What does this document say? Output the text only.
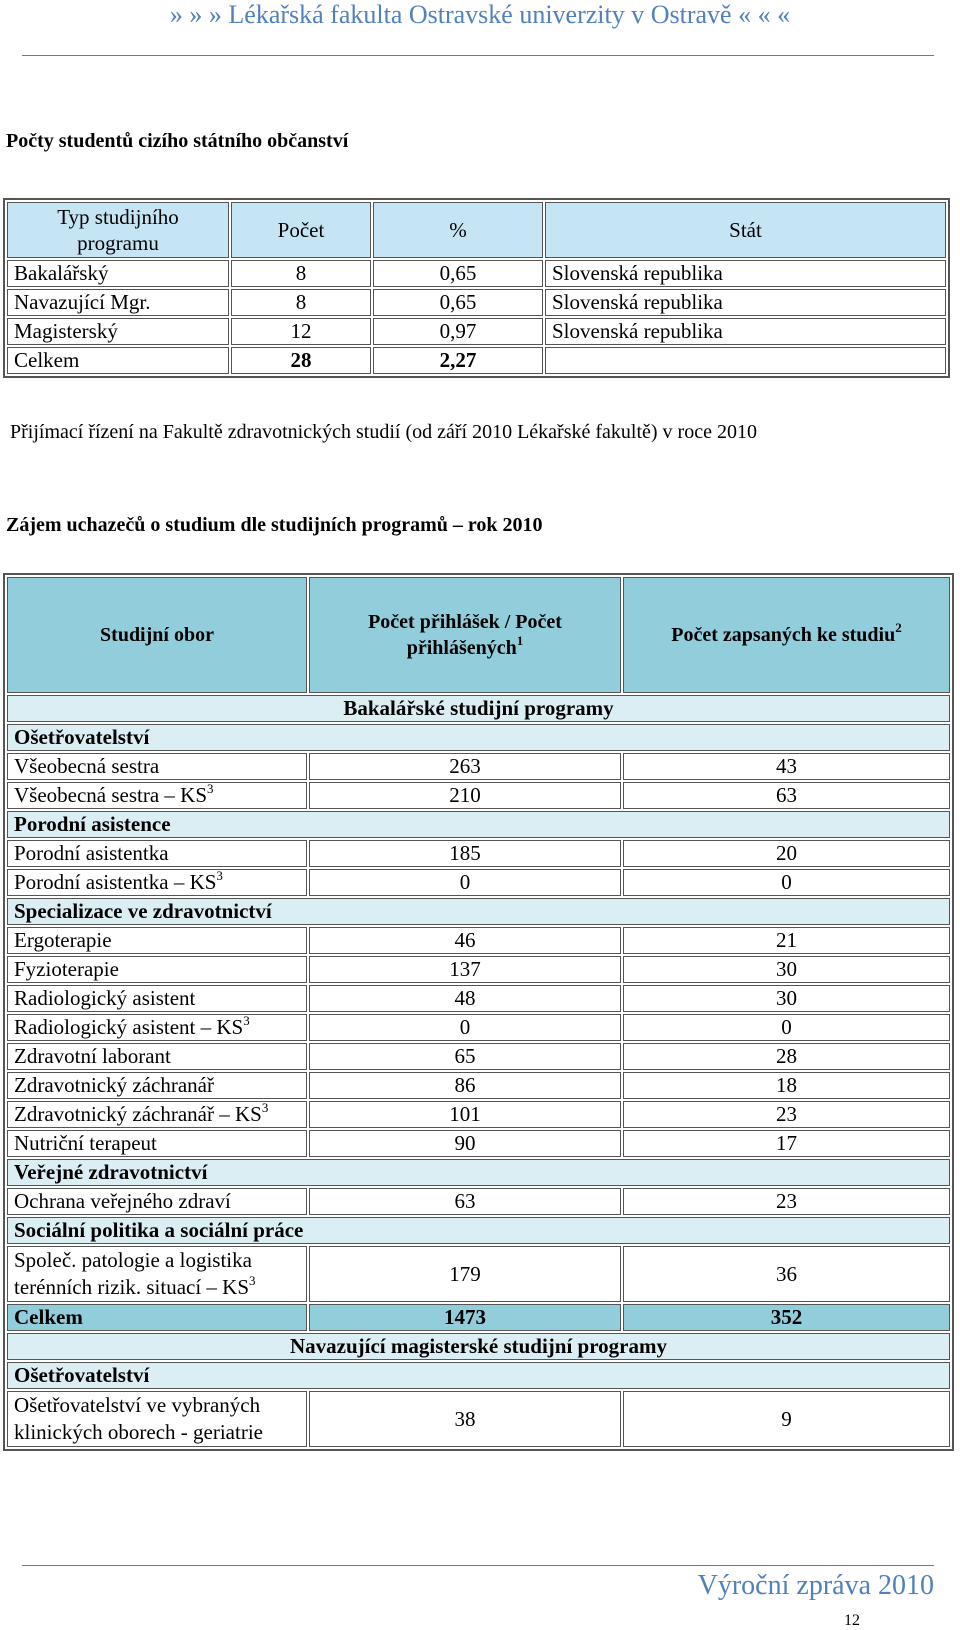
» » » Lékařská fakulta Ostravské univerzity v Ostravě « « «
Počty studentů cizího státního občanství
Typ studijního programu	Počet	%	Stát
Bakalářský	8	0,65	Slovenská republika
Navazující Mgr.	8	0,65	Slovenská republika
Magisterský	12	0,97	Slovenská republika
Celkem	28	2,27	
Přijímací řízení na Fakultě zdravotnických studií (od září 2010 Lékařské fakultě) v roce 2010
Zájem uchazečů o studium dle studijních programů – rok 2010
Studijní obor	Počet přihlášek / Počet přihlášených$^1$	Počet zapsaných ke studiu$^2$
Bakalářské studijní programy		
Ošetřovatelství		
Všeobecná sestra	263	43
Všeobecná sestra – $KS^3$	210	63
Porodní asistence		
Porodní asistentka	185	20
Porodní asistentka – $KS^3$	0	0
Specializace ve zdravotnictví		
Ergoterapie	46	21
Fyzioterapie	137	30
Radiologický asistent	48	30
Radiologický asistent – $KS^3$	0	0
Zdravotní laborant	65	28
Zdravotnický záchranář	86	18
Zdravotnický záchranář – $KS^3$	101	23
Nutriční terapeut	90	17
Veřejné zdravotnictví		
Ochrana veřejného zdraví	63	23
Sociální politika a sociální práce		
Společ. patologie a logistika terénních rizik. situací – $KS^3$	179	36
Celkem	1473	352
Navazující magisterské studijní programy		
Ošetřovatelství		
Ošetřovatelství ve vybraných klinických oborech - geriatrie	38	9
Výroční zpráva 2010
12
